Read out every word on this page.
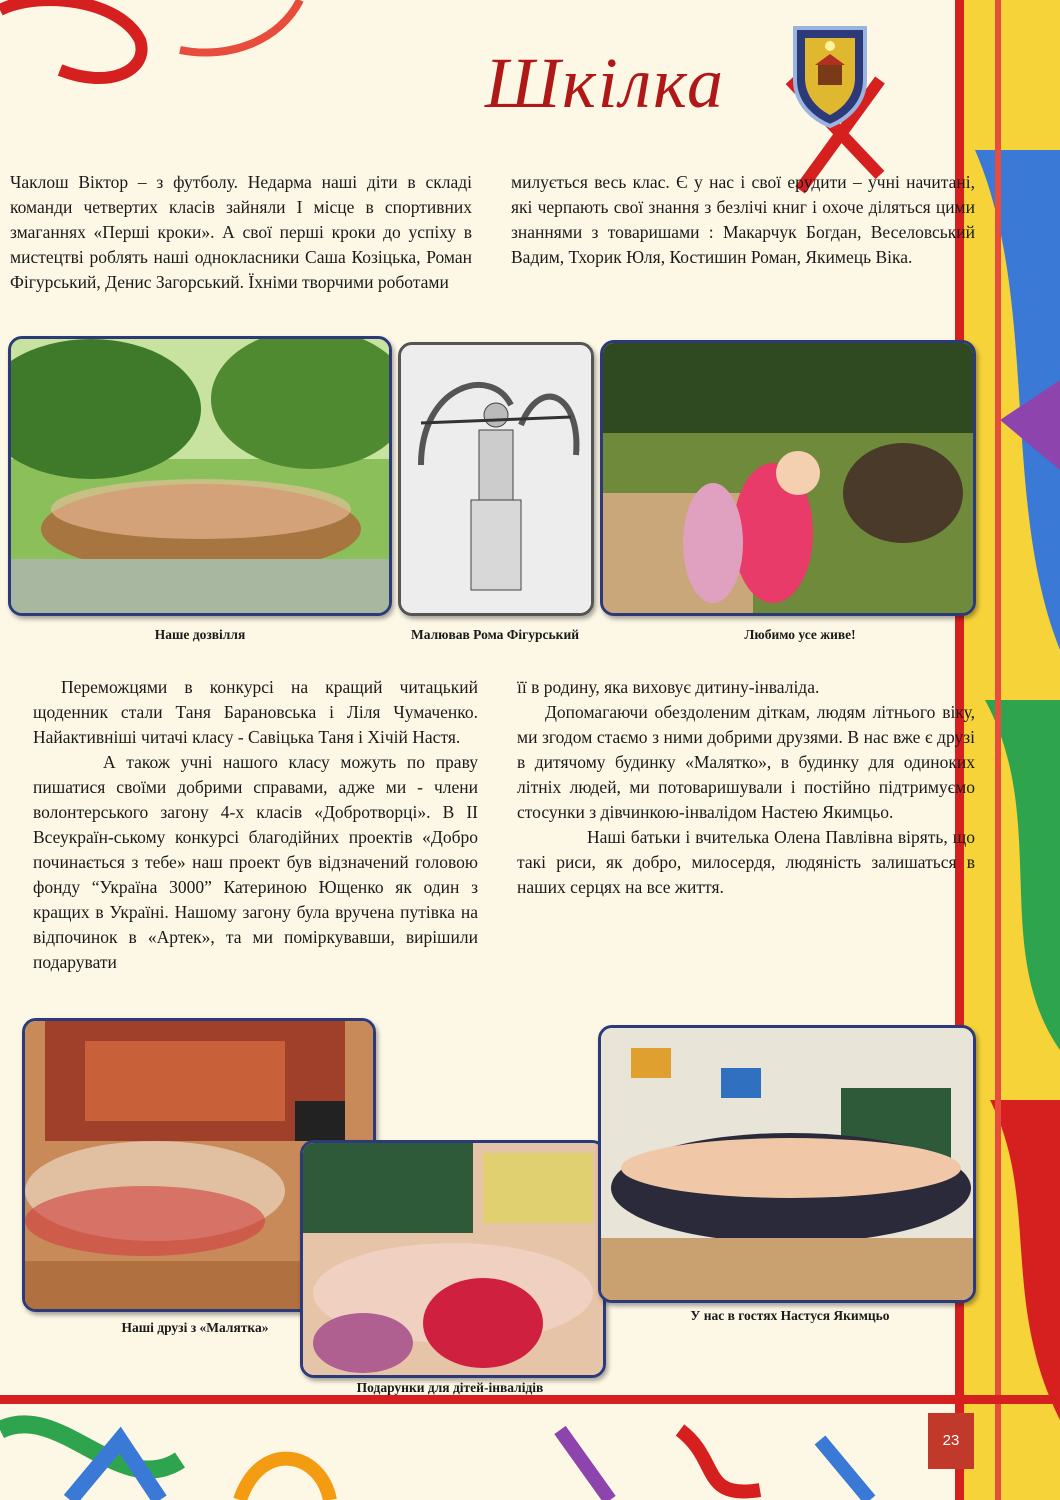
Шкілка

Чаклош Віктор – з футболу. Недарма наші діти в складі команди четвертих класів зайняли І місце в спортивних змаганнях «Перші кроки». А свої перші кроки до успіху в мистецтві роблять наші однокласники Саша Козіцька, Роман Фігурський, Денис Загорський. Їхніми творчими роботами

милується весь клас. Є у нас і свої ерудити – учні начитані, які черпають свої знання з безлічі книг і охоче діляться цими знаннями з товаришами : Макарчук Богдан, Веселовський Вадим, Тхорик Юля, Костишин Роман, Якимець Віка.

Наше дозвілля	Малював Рома Фігурський	Любимо усе живе!

Переможцями в конкурсі на кращий читацький щоденник стали Таня Барановська і Ліля Чумаченко. Найактивніші читачі класу - Савіцька Таня і Хічій Настя.

А також учні нашого класу можуть по праву пишатися своїми добрими справами, адже ми - члени волонтерського загону 4-х класів «Добротворці». В ІІ Всеукраїн-ському конкурсі благодійних проектів «Добро починається з тебе» наш проект був відзначений головою фонду “Україна 3000” Катериною Ющенко як один з кращих в Україні. Нашому загону була вручена путівка на відпочинок в «Артек», та ми поміркувавши, вирішили подарувати

її в родину, яка виховує дитину-інваліда.

Допомагаючи обездоленим діткам, людям літнього віку, ми згодом стаємо з ними добрими друзями. В нас вже є друзі в дитячому будинку «Малятко», в будинку для одиноких літніх людей, ми потоваришували і постійно підтримуємо стосунки з дівчинкою-інвалідом Настею Якимцьо.

Наші батьки і вчителька Олена Павлівна вірять, що такі риси, як добро, милосердя, людяність залишаться в наших серцях на все життя.

Наші друзі з «Малятка»
Подарунки для дітей-інвалідів
У нас в гостях Настуся Якимцьо
23
